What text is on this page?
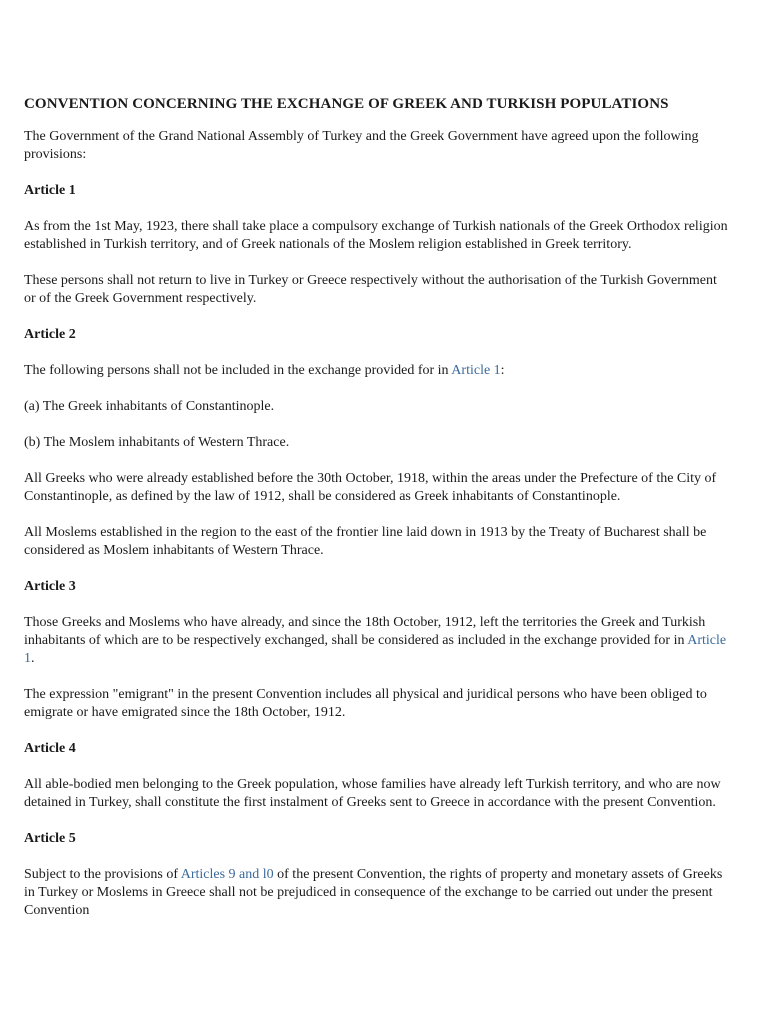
CONVENTION CONCERNING THE EXCHANGE OF GREEK AND TURKISH POPULATIONS

The Government of the Grand National Assembly of Turkey and the Greek Government have agreed upon the following provisions:

Article 1

As from the 1st May, 1923, there shall take place a compulsory exchange of Turkish nationals of the Greek Orthodox religion established in Turkish territory, and of Greek nationals of the Moslem religion established in Greek territory.

These persons shall not return to live in Turkey or Greece respectively without the authorisation of the Turkish Government or of the Greek Government respectively.

Article 2

The following persons shall not be included in the exchange provided for in Article 1:

(a) The Greek inhabitants of Constantinople.

(b) The Moslem inhabitants of Western Thrace.

All Greeks who were already established before the 30th October, 1918, within the areas under the Prefecture of the City of Constantinople, as defined by the law of 1912, shall be considered as Greek inhabitants of Constantinople.

All Moslems established in the region to the east of the frontier line laid down in 1913 by the Treaty of Bucharest shall be considered as Moslem inhabitants of Western Thrace.

Article 3

Those Greeks and Moslems who have already, and since the 18th October, 1912, left the territories the Greek and Turkish inhabitants of which are to be respectively exchanged, shall be considered as included in the exchange provided for in Article 1.

The expression "emigrant" in the present Convention includes all physical and juridical persons who have been obliged to emigrate or have emigrated since the 18th October, 1912.

Article 4

All able-bodied men belonging to the Greek population, whose families have already left Turkish territory, and who are now detained in Turkey, shall constitute the first instalment of Greeks sent to Greece in accordance with the present Convention.

Article 5

Subject to the provisions of Articles 9 and l0 of the present Convention, the rights of property and monetary assets of Greeks in Turkey or Moslems in Greece shall not be prejudiced in consequence of the exchange to be carried out under the present Convention
